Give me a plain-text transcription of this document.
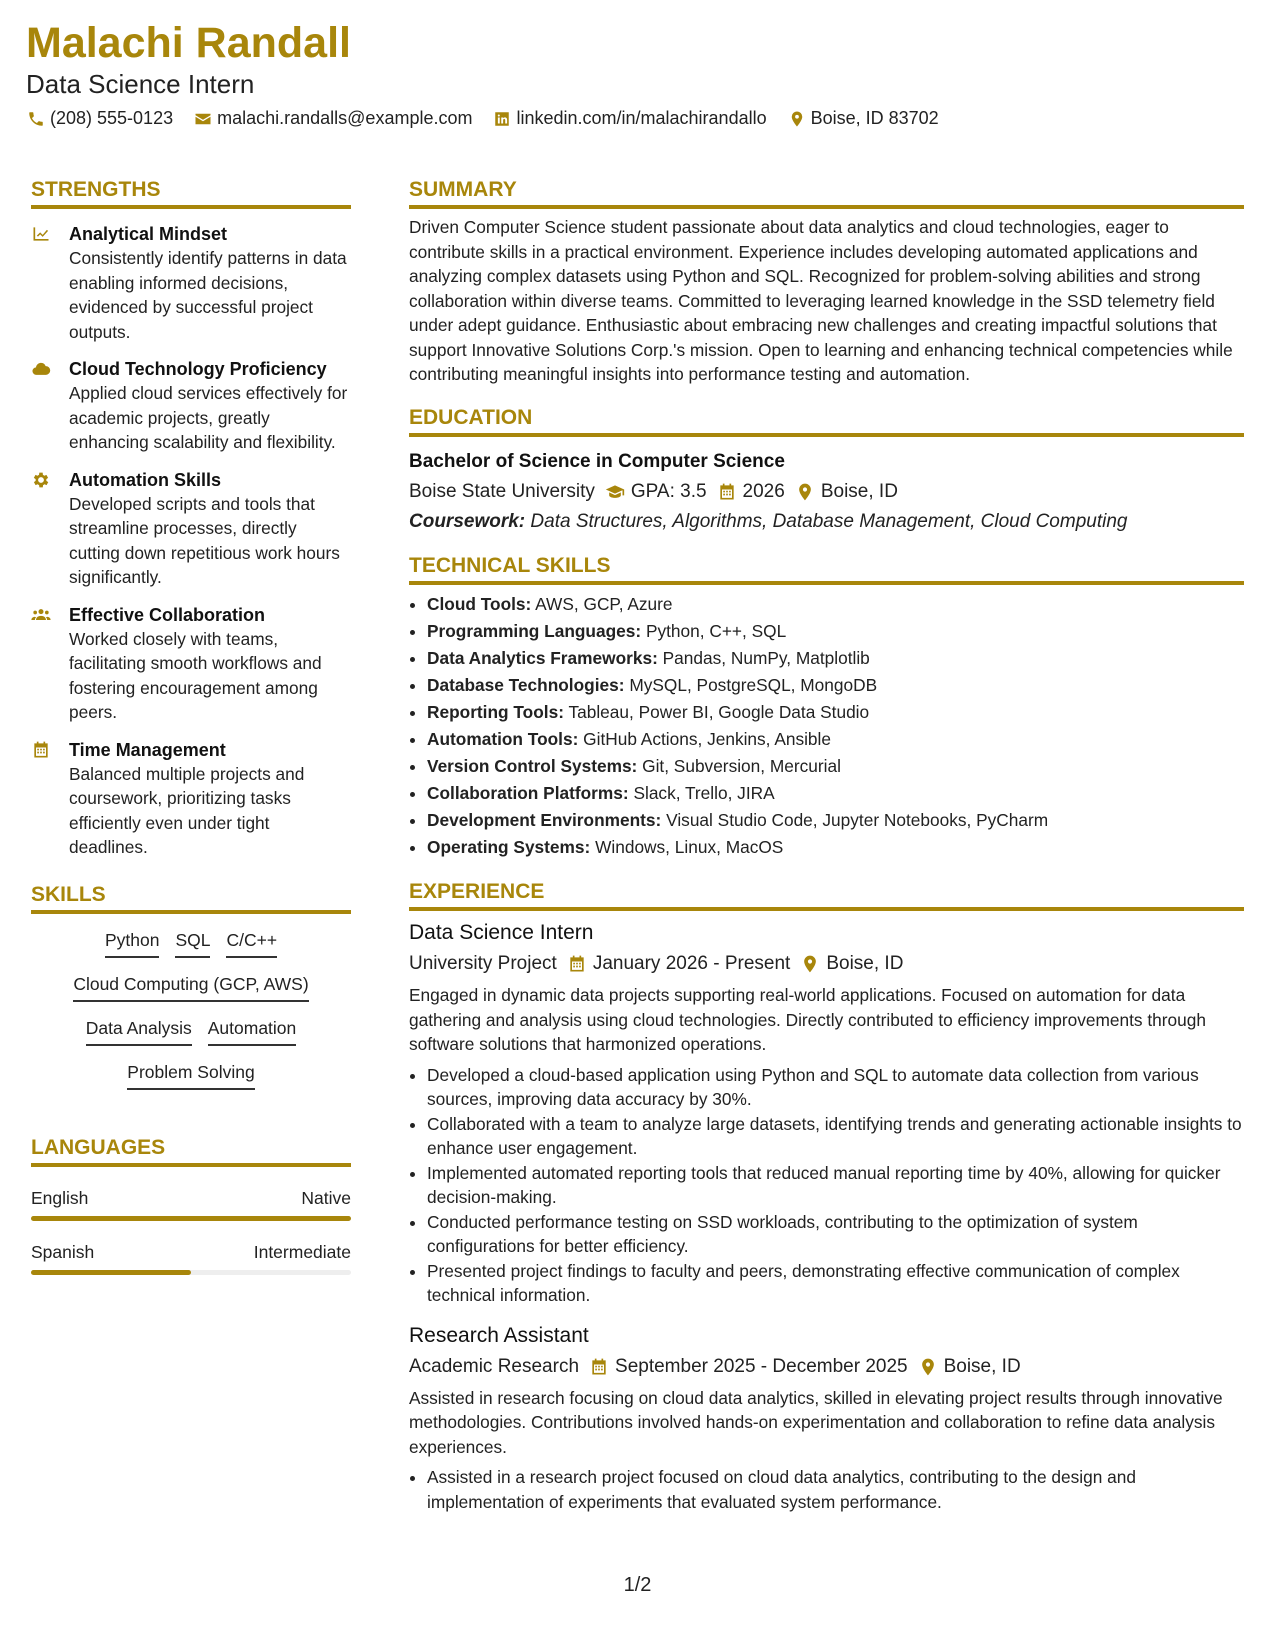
Malachi Randall
Data Science Intern
(208) 555-0123 malachi.randalls@example.com linkedin.com/in/malachirandallo Boise, ID 83702
STRENGTHS
Analytical Mindset
Consistently identify patterns in data enabling informed decisions, evidenced by successful project outputs.
Cloud Technology Proficiency
Applied cloud services effectively for academic projects, greatly enhancing scalability and flexibility.
Automation Skills
Developed scripts and tools that streamline processes, directly cutting down repetitious work hours significantly.
Effective Collaboration
Worked closely with teams, facilitating smooth workflows and fostering encouragement among peers.
Time Management
Balanced multiple projects and coursework, prioritizing tasks efficiently even under tight deadlines.
SKILLS
Python SQL C/C++
Cloud Computing (GCP, AWS)
Data Analysis Automation
Problem Solving
LANGUAGES
English	Native
Spanish	Intermediate
SUMMARY

Driven Computer Science student passionate about data analytics and cloud technologies, eager to contribute skills in a practical environment. Experience includes developing automated applications and analyzing complex datasets using Python and SQL. Recognized for problem-solving abilities and strong collaboration within diverse teams. Committed to leveraging learned knowledge in the SSD telemetry field under adept guidance. Enthusiastic about embracing new challenges and creating impactful solutions that support Innovative Solutions Corp.'s mission. Open to learning and enhancing technical competencies while contributing meaningful insights into performance testing and automation.

EDUCATION
Bachelor of Science in Computer Science
Boise State University GPA: 3.5 2026 Boise, ID
Coursework: Data Structures, Algorithms, Database Management, Cloud Computing
TECHNICAL SKILLS
• Cloud Tools: AWS, GCP, Azure
• Programming Languages: Python, C++, SQL
• Data Analytics Frameworks: Pandas, NumPy, Matplotlib
• Database Technologies: MySQL, PostgreSQL, MongoDB
• Reporting Tools: Tableau, Power BI, Google Data Studio
• Automation Tools: GitHub Actions, Jenkins, Ansible
• Version Control Systems: Git, Subversion, Mercurial
• Collaboration Platforms: Slack, Trello, JIRA
• Development Environments: Visual Studio Code, Jupyter Notebooks, PyCharm
• Operating Systems: Windows, Linux, MacOS
EXPERIENCE
Data Science Intern
University Project January 2026 - Present Boise, ID

Engaged in dynamic data projects supporting real-world applications. Focused on automation for data gathering and analysis using cloud technologies. Directly contributed to efficiency improvements through software solutions that harmonized operations.

• Developed a cloud-based application using Python and SQL to automate data collection from various sources, improving data accuracy by 30%.
• Collaborated with a team to analyze large datasets, identifying trends and generating actionable insights to enhance user engagement.
• Implemented automated reporting tools that reduced manual reporting time by 40%, allowing for quicker decision-making.
• Conducted performance testing on SSD workloads, contributing to the optimization of system configurations for better efficiency.
• Presented project findings to faculty and peers, demonstrating effective communication of complex technical information.
Research Assistant
Academic Research September 2025 - December 2025 Boise, ID

Assisted in research focusing on cloud data analytics, skilled in elevating project results through innovative methodologies. Contributions involved hands-on experimentation and collaboration to refine data analysis experiences.

• Assisted in a research project focused on cloud data analytics, contributing to the design and implementation of experiments that evaluated system performance.
1/2
